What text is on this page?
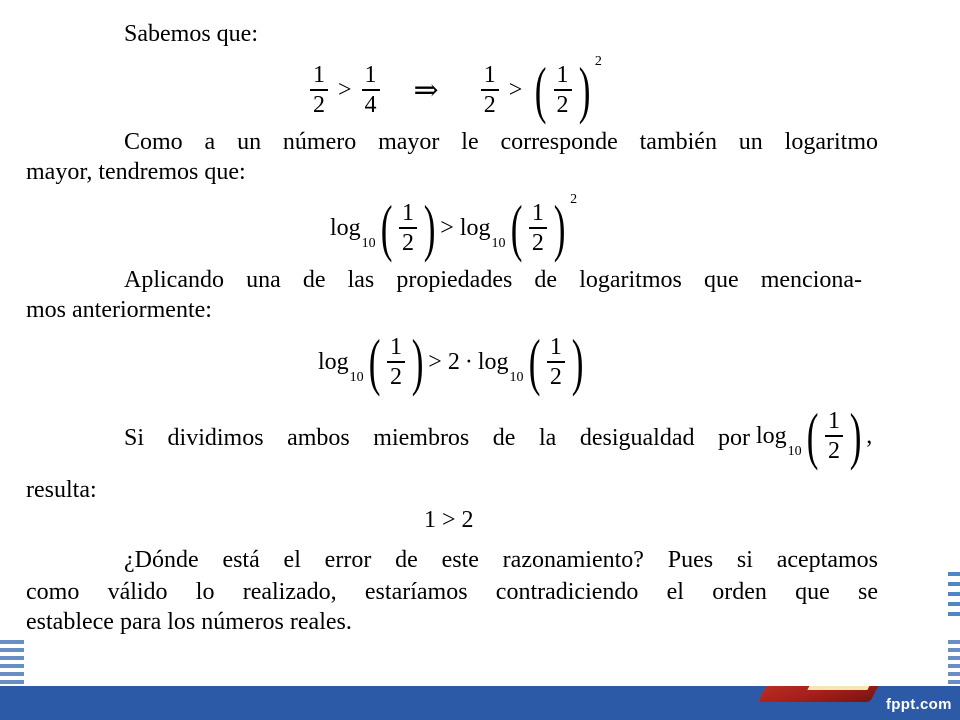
fppt.com
Sabemos que:
$\frac{1}{2} > \frac{1}{4}$ ⇒ $\frac{1}{2}$ > ( $\frac{1}{2}$ ) 2
Como a un número mayor le corresponde también un logaritmo
mayor, tendremos que:
log
10 ( $\frac{1}{2}$ ) > log
10 ( $\frac{1}{2}$ ) 2
Aplicando una de las propiedades de logaritmos que menciona-
mos anteriormente:
log
10 ( $\frac{1}{2}$ ) > 2 · log
10 ( $\frac{1}{2}$ )
Si dividimos ambos miembros de la desigualdad por log
10 ( $\frac{1}{2}$ ) ,
resulta:
1 > 2
¿Dónde está el error de este razonamiento? Pues si aceptamos
como válido lo realizado, estaríamos contradiciendo el orden que se
establece para los números reales.
